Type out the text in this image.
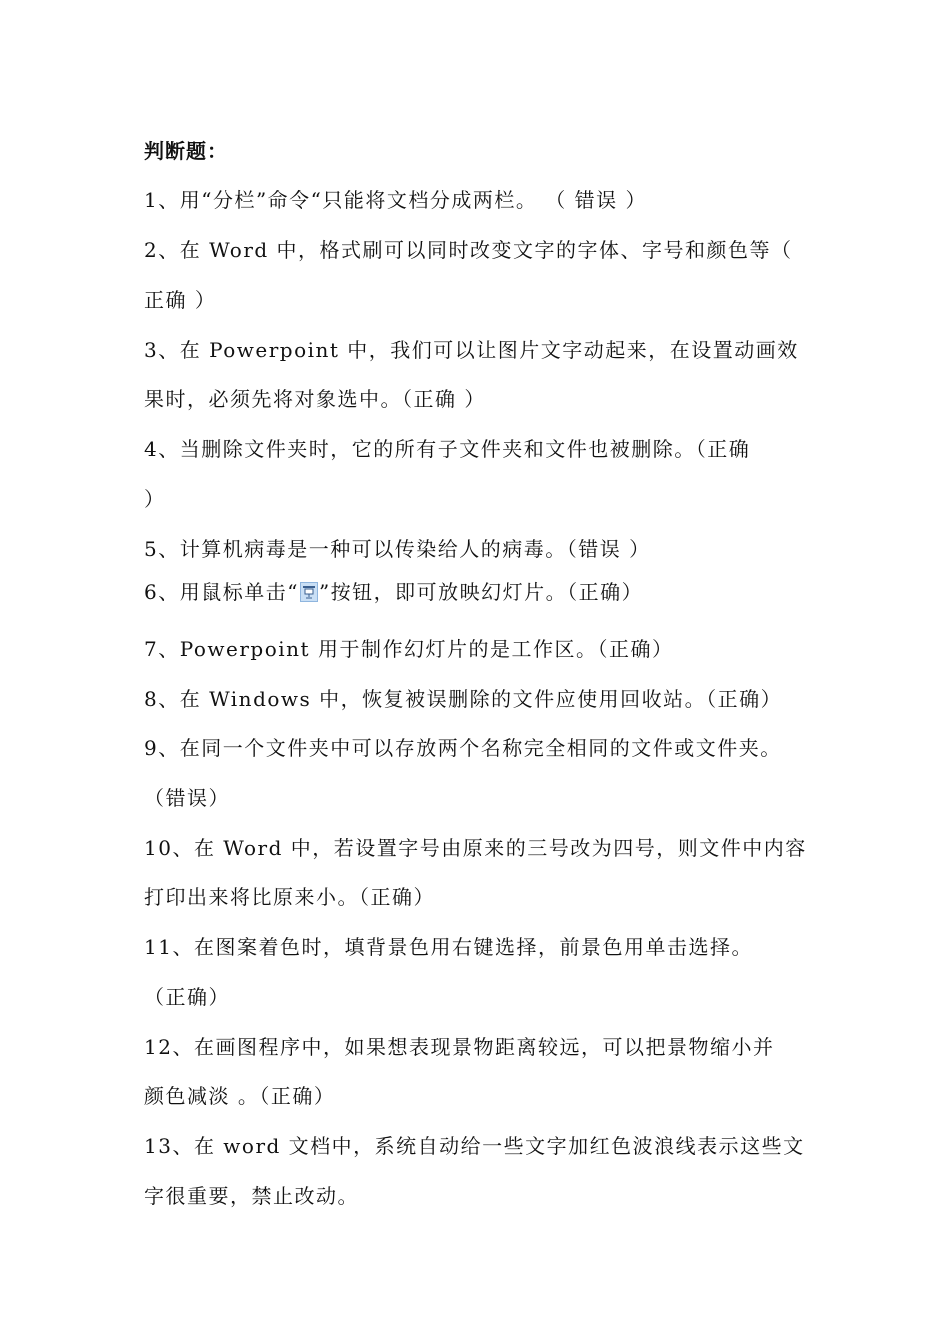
判断题：
1、用“分栏”命令“只能将文档分成两栏。 （ 错误 ）
2、在 Word 中，格式刷可以同时改变文字的字体、字号和颜色等（
正确 ）
3、在 Powerpoint 中，我们可以让图片文字动起来，在设置动画效
果时，必须先将对象选中。（正确 ）
4、当删除文件夹时，它的所有子文件夹和文件也被删除。（正确
）
5、计算机病毒是一种可以传染给人的病毒。（错误 ）
6、用鼠标单击“ ”按钮，即可放映幻灯片。（正确）
7、Powerpoint 用于制作幻灯片的是工作区。（正确）
8、在 Windows 中，恢复被误删除的文件应使用回收站。（正确）
9、在同一个文件夹中可以存放两个名称完全相同的文件或文件夹。
（错误）
10、在 Word 中，若设置字号由原来的三号改为四号，则文件中内容
打印出来将比原来小。（正确）
11、在图案着色时，填背景色用右键选择，前景色用单击选择。
（正确）
12、在画图程序中，如果想表现景物距离较远，可以把景物缩小并
颜色减淡 。（正确）
13、在 word 文档中，系统自动给一些文字加红色波浪线表示这些文
字很重要，禁止改动。
